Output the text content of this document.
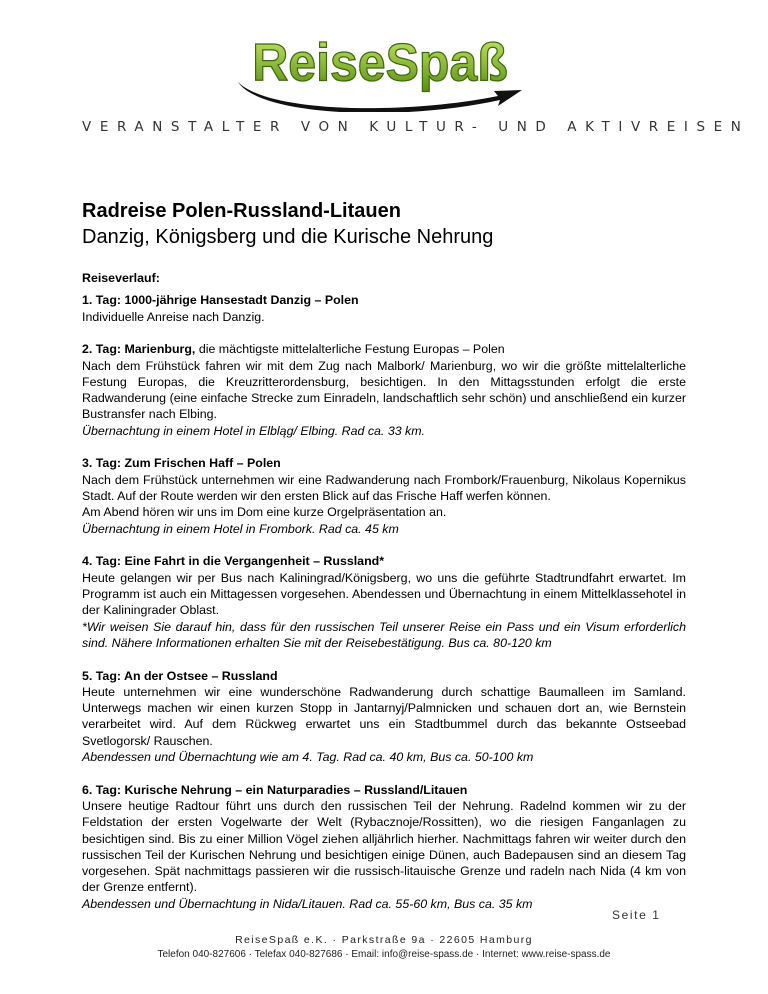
ReiseSpaß
VERANSTALTER VON KULTUR- UND AKTIVREISEN
Radreise Polen-Russland-Litauen
Danzig, Königsberg und die Kurische Nehrung

Reiseverlauf:

1. Tag: 1000-jährige Hansestadt Danzig – Polen

Individuelle Anreise nach Danzig.

2. Tag: Marienburg, die mächtigste mittelalterliche Festung Europas – Polen

Nach dem Frühstück fahren wir mit dem Zug nach Malbork/ Marienburg, wo wir die größte mittelalterliche Festung Europas, die Kreuzritterordensburg, besichtigen. In den Mittagsstunden erfolgt die erste Radwanderung (eine einfache Strecke zum Einradeln, landschaftlich sehr schön) und anschließend ein kurzer Bustransfer nach Elbing.

Übernachtung in einem Hotel in Elbląg/ Elbing. Rad ca. 33 km.

3. Tag: Zum Frischen Haff – Polen

Nach dem Frühstück unternehmen wir eine Radwanderung nach Frombork/Frauenburg, Nikolaus Kopernikus Stadt. Auf der Route werden wir den ersten Blick auf das Frische Haff werfen können.

Am Abend hören wir uns im Dom eine kurze Orgelpräsentation an.

Übernachtung in einem Hotel in Frombork. Rad ca. 45 km

4. Tag: Eine Fahrt in die Vergangenheit – Russland*

Heute gelangen wir per Bus nach Kaliningrad/Königsberg, wo uns die geführte Stadtrundfahrt erwartet. Im Programm ist auch ein Mittagessen vorgesehen. Abendessen und Übernachtung in einem Mittelklassehotel in der Kaliningrader Oblast.

*Wir weisen Sie darauf hin, dass für den russischen Teil unserer Reise ein Pass und ein Visum erforderlich sind. Nähere Informationen erhalten Sie mit der Reisebestätigung. Bus ca. 80-120 km

5. Tag: An der Ostsee – Russland

Heute unternehmen wir eine wunderschöne Radwanderung durch schattige Baumalleen im Samland. Unterwegs machen wir einen kurzen Stopp in Jantarnyj/Palmnicken und schauen dort an, wie Bernstein verarbeitet wird. Auf dem Rückweg erwartet uns ein Stadtbummel durch das bekannte Ostseebad Svetlogorsk/ Rauschen.

Abendessen und Übernachtung wie am 4. Tag. Rad ca. 40 km, Bus ca. 50-100 km

6. Tag: Kurische Nehrung – ein Naturparadies – Russland/Litauen

Unsere heutige Radtour führt uns durch den russischen Teil der Nehrung. Radelnd kommen wir zu der Feldstation der ersten Vogelwarte der Welt (Rybacznoje/Rossitten), wo die riesigen Fanganlagen zu besichtigen sind. Bis zu einer Million Vögel ziehen alljährlich hierher. Nachmittags fahren wir weiter durch den russischen Teil der Kurischen Nehrung und besichtigen einige Dünen, auch Badepausen sind an diesem Tag vorgesehen. Spät nachmittags passieren wir die russisch-litauische Grenze und radeln nach Nida (4 km von der Grenze entfernt).

Abendessen und Übernachtung in Nida/Litauen. Rad ca. 55-60 km, Bus ca. 35 km

Seite 1
ReiseSpaß e.K. · Parkstraße 9a · 22605 Hamburg
Telefon 040-827606 · Telefax 040-827686 · Email: info@reise-spass.de · Internet: www.reise-spass.de
